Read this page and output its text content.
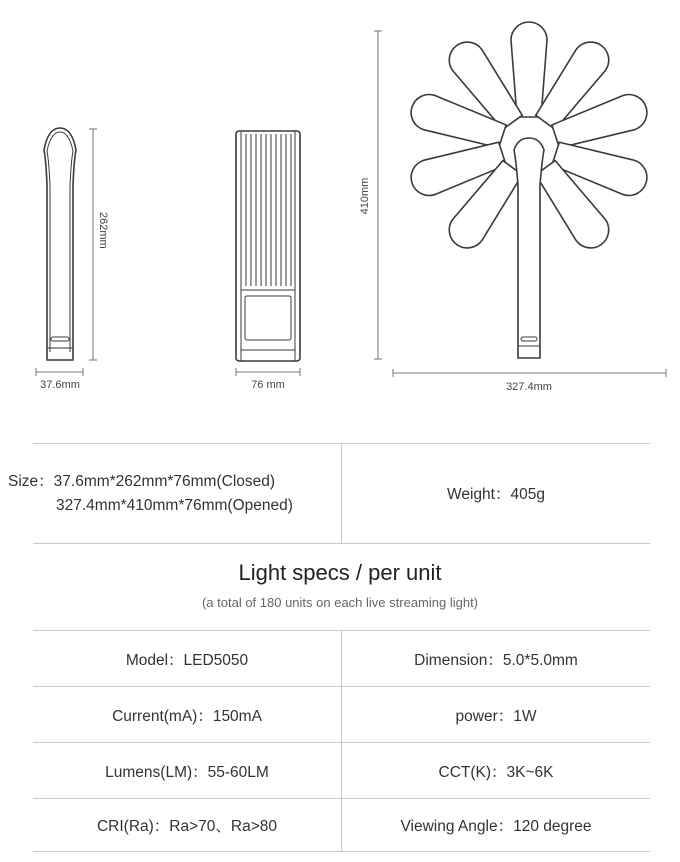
262mm
37.6mm	76 mm
410mm
327.4mm
Size：37.6mm*262mm*76mm(Closed)
327.4mm*410mm*76mm(Opened)
Weight：405g
Light specs / per unit
(a total of 180 units on each live streaming light)
Model：LED5050	Dimension：5.0*5.0mm
Current(mA)：150mA	power：1W
Lumens(LM)：55-60LM	CCT(K)：3K~6K
CRI(Ra)：Ra>70、Ra>80	Viewing Angle：120 degree
